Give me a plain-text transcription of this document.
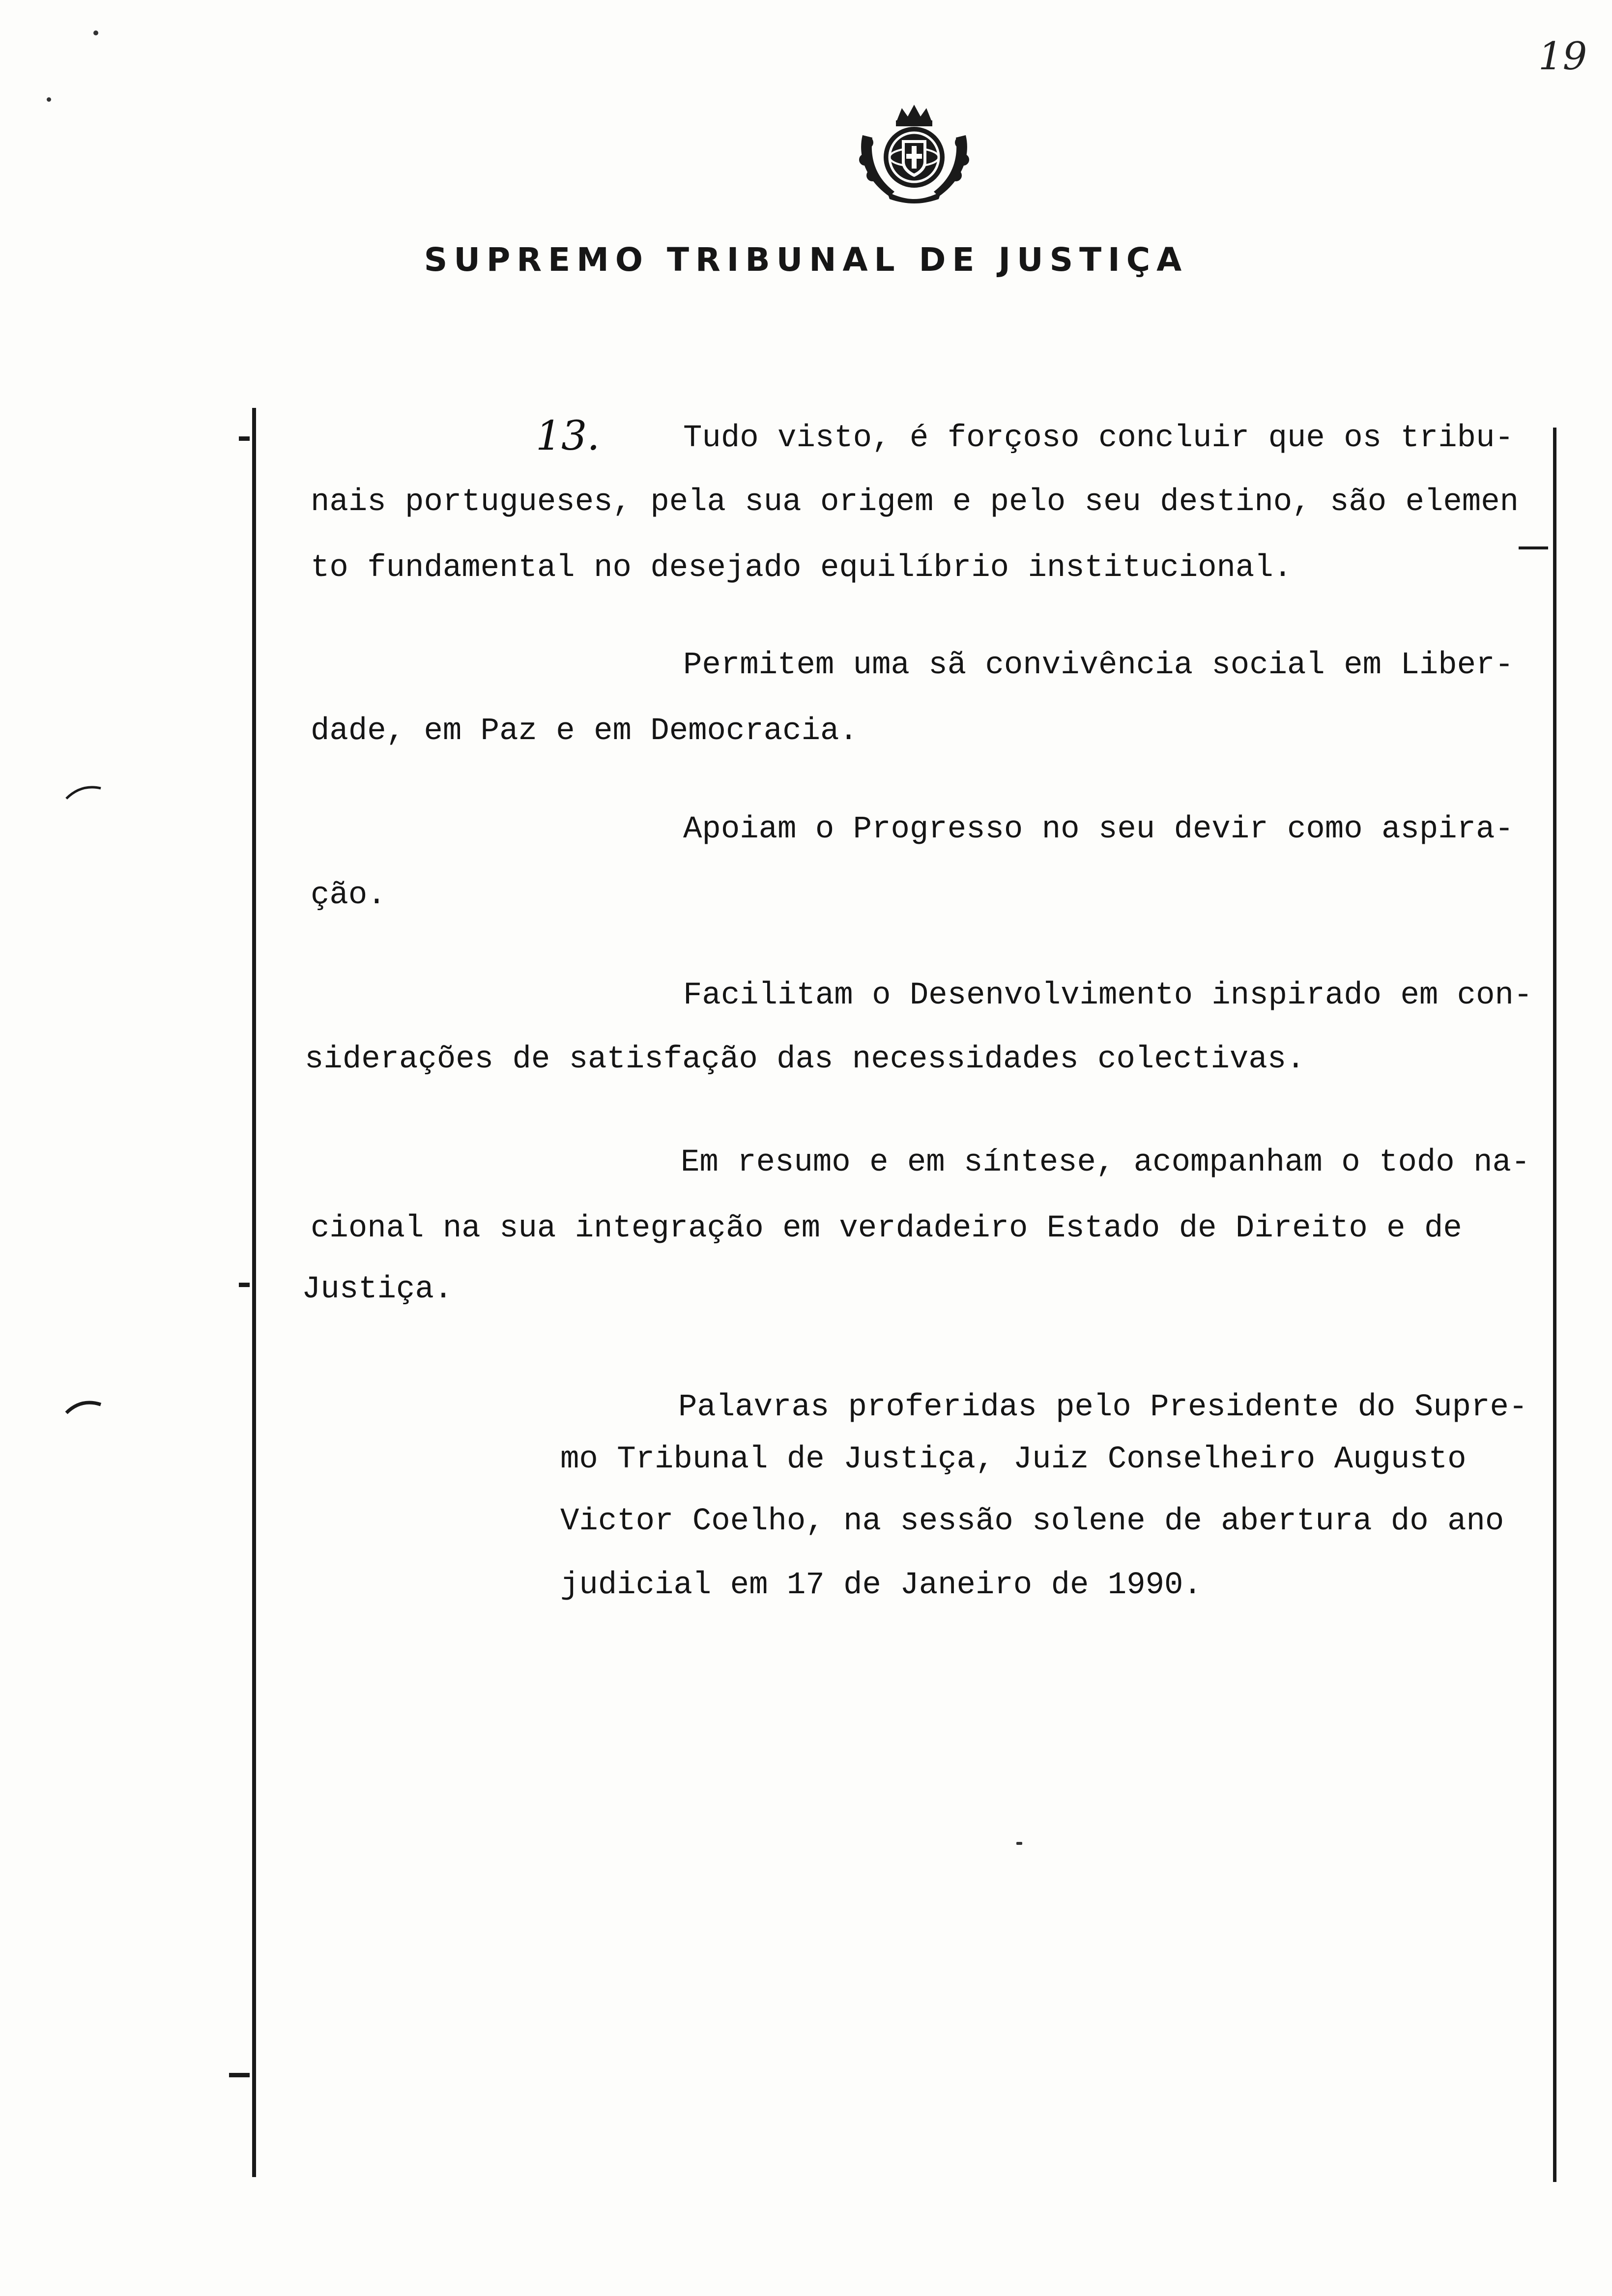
19
SUPREMO TRIBUNAL DE JUSTIÇA
13.	Tudo visto, é forçoso concluir que os tribu-
nais portugueses, pela sua origem e pelo seu destino, são elemen
to fundamental no desejado equilíbrio institucional.
Permitem uma sã convivência social em Liber-
dade, em Paz e em Democracia.
Apoiam o Progresso no seu devir como aspira-
ção.
Facilitam o Desenvolvimento inspirado em con-
siderações de satisfação das necessidades colectivas.
Em resumo e em síntese, acompanham o todo na-
cional na sua integração em verdadeiro Estado de Direito e de
Justiça.
Palavras proferidas pelo Presidente do Supre-
mo Tribunal de Justiça, Juiz Conselheiro Augusto
Victor Coelho, na sessão solene de abertura do ano
judicial em 17 de Janeiro de 1990.
